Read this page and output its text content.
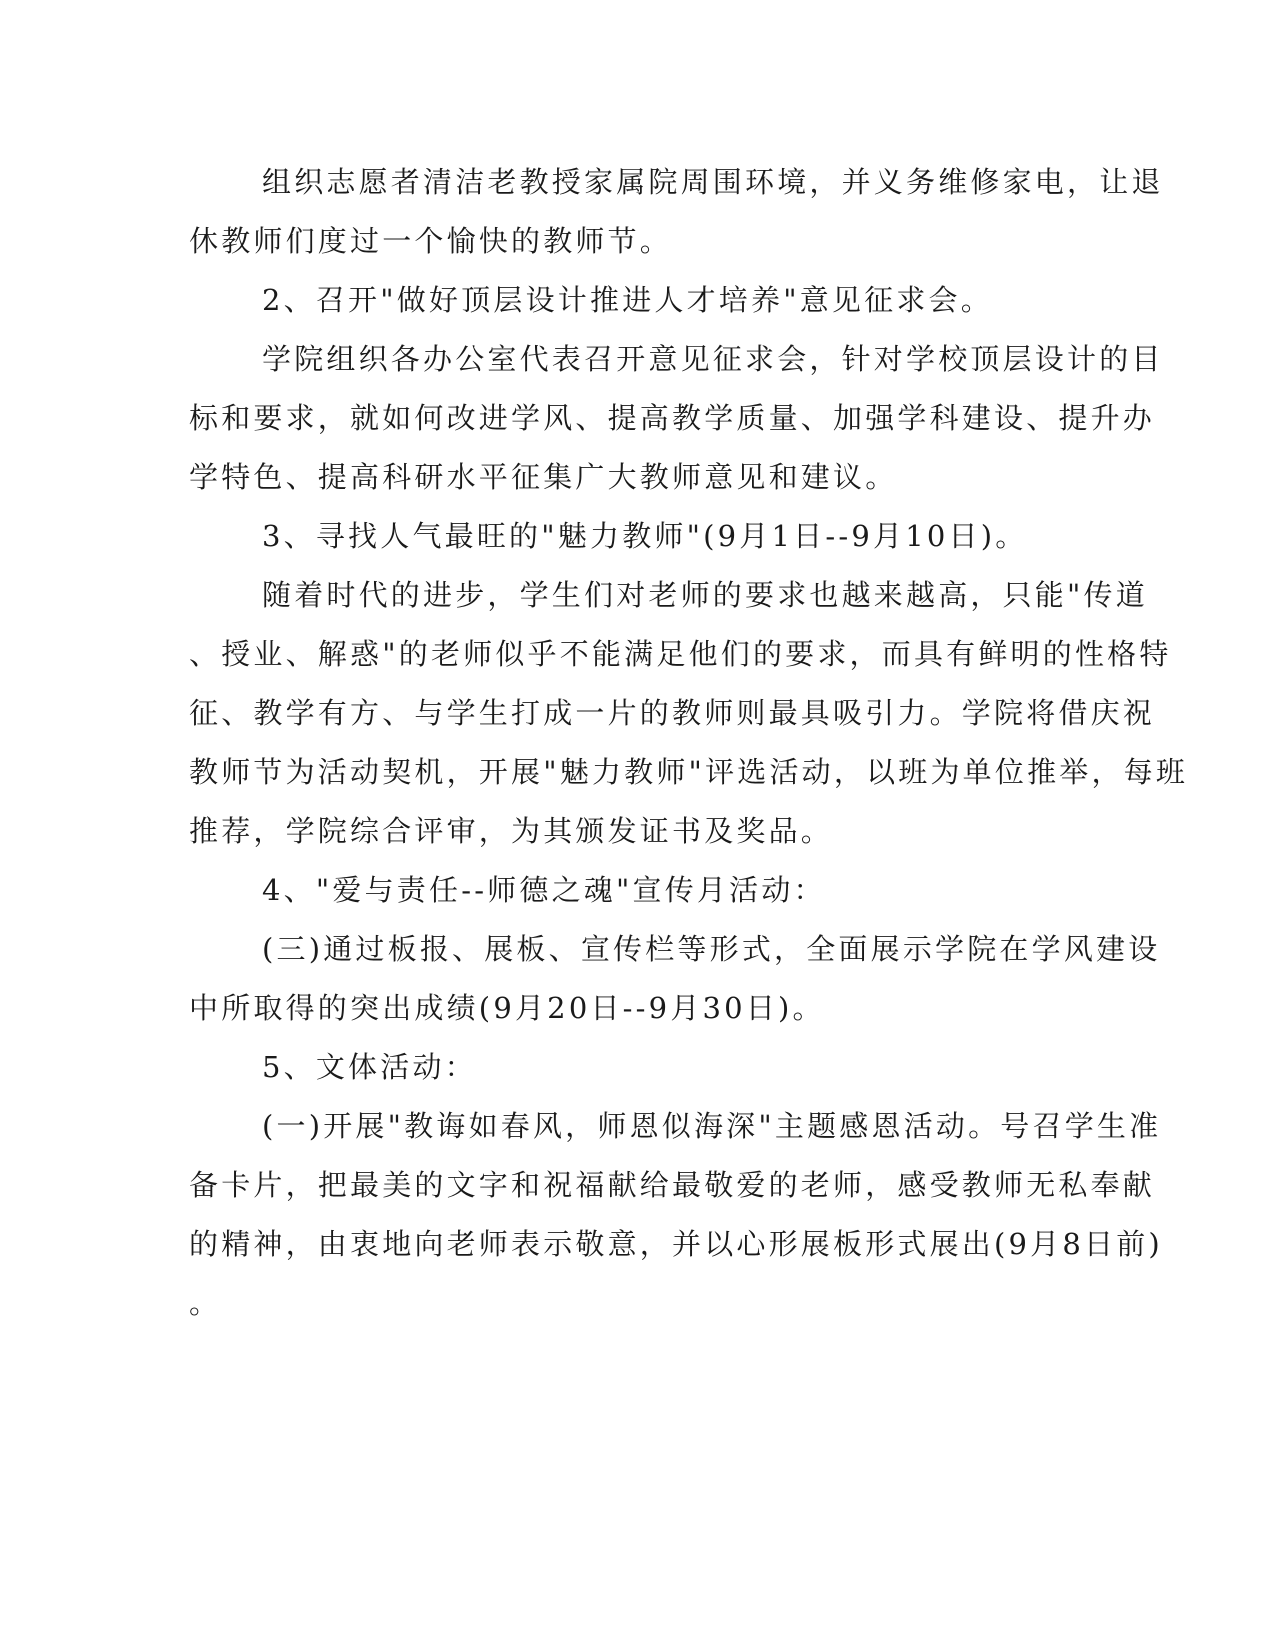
组织志愿者清洁老教授家属院周围环境，并义务维修家电，让退

休教师们度过一个愉快的教师节。

2、召开"做好顶层设计推进人才培养"意见征求会。

学院组织各办公室代表召开意见征求会，针对学校顶层设计的目

标和要求，就如何改进学风、提高教学质量、加强学科建设、提升办

学特色、提高科研水平征集广大教师意见和建议。

3、寻找人气最旺的"魅力教师"(9月1日--9月10日)。

随着时代的进步，学生们对老师的要求也越来越高，只能"传道

、授业、解惑"的老师似乎不能满足他们的要求，而具有鲜明的性格特

征、教学有方、与学生打成一片的教师则最具吸引力。学院将借庆祝

教师节为活动契机，开展"魅力教师"评选活动，以班为单位推举，每班

推荐，学院综合评审，为其颁发证书及奖品。

4、"爱与责任--师德之魂"宣传月活动：

(三)通过板报、展板、宣传栏等形式，全面展示学院在学风建设

中所取得的突出成绩(9月20日--9月30日)。

5、文体活动：

(一)开展"教诲如春风，师恩似海深"主题感恩活动。号召学生准

备卡片，把最美的文字和祝福献给最敬爱的老师，感受教师无私奉献

的精神，由衷地向老师表示敬意，并以心形展板形式展出(9月8日前)

。
